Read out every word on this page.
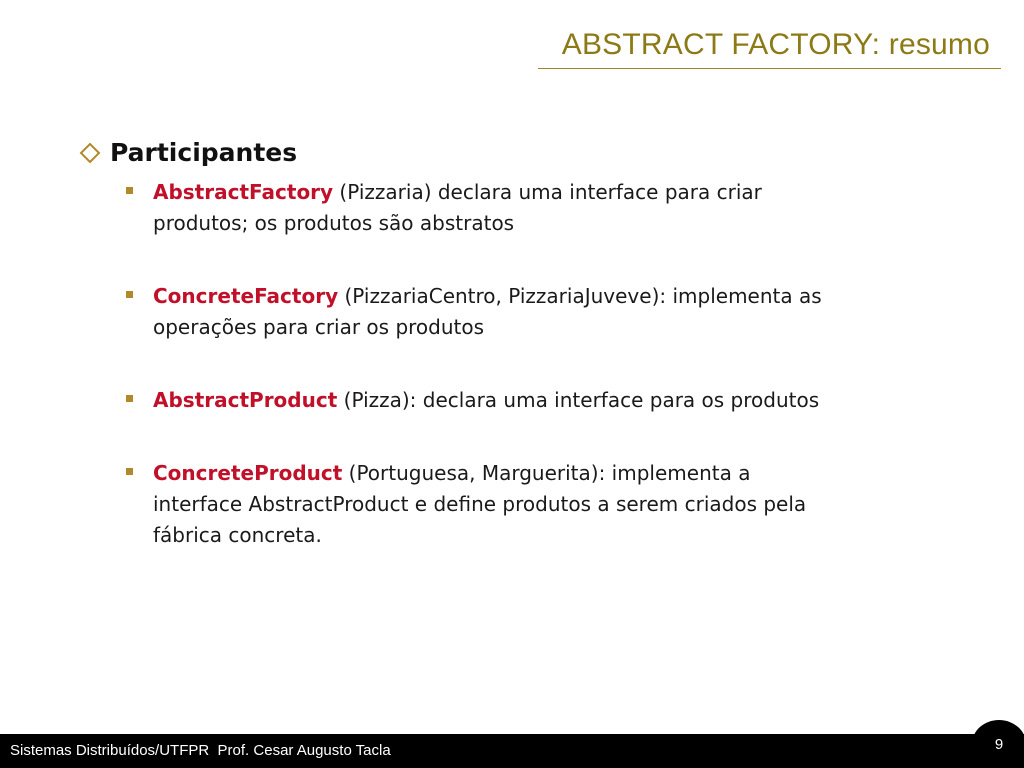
ABSTRACT FACTORY: resumo
Participantes
AbstractFactory (Pizzaria) declara uma interface para criar
produtos; os produtos são abstratos
ConcreteFactory (PizzariaCentro, PizzariaJuveve): implementa as
operações para criar os produtos
AbstractProduct (Pizza): declara uma interface para os produtos
ConcreteProduct (Portuguesa, Marguerita): implementa a
interface AbstractProduct e define produtos a serem criados pela
fábrica concreta.
Sistemas Distribuídos/UTFPR  Prof. Cesar Augusto Tacla	9
